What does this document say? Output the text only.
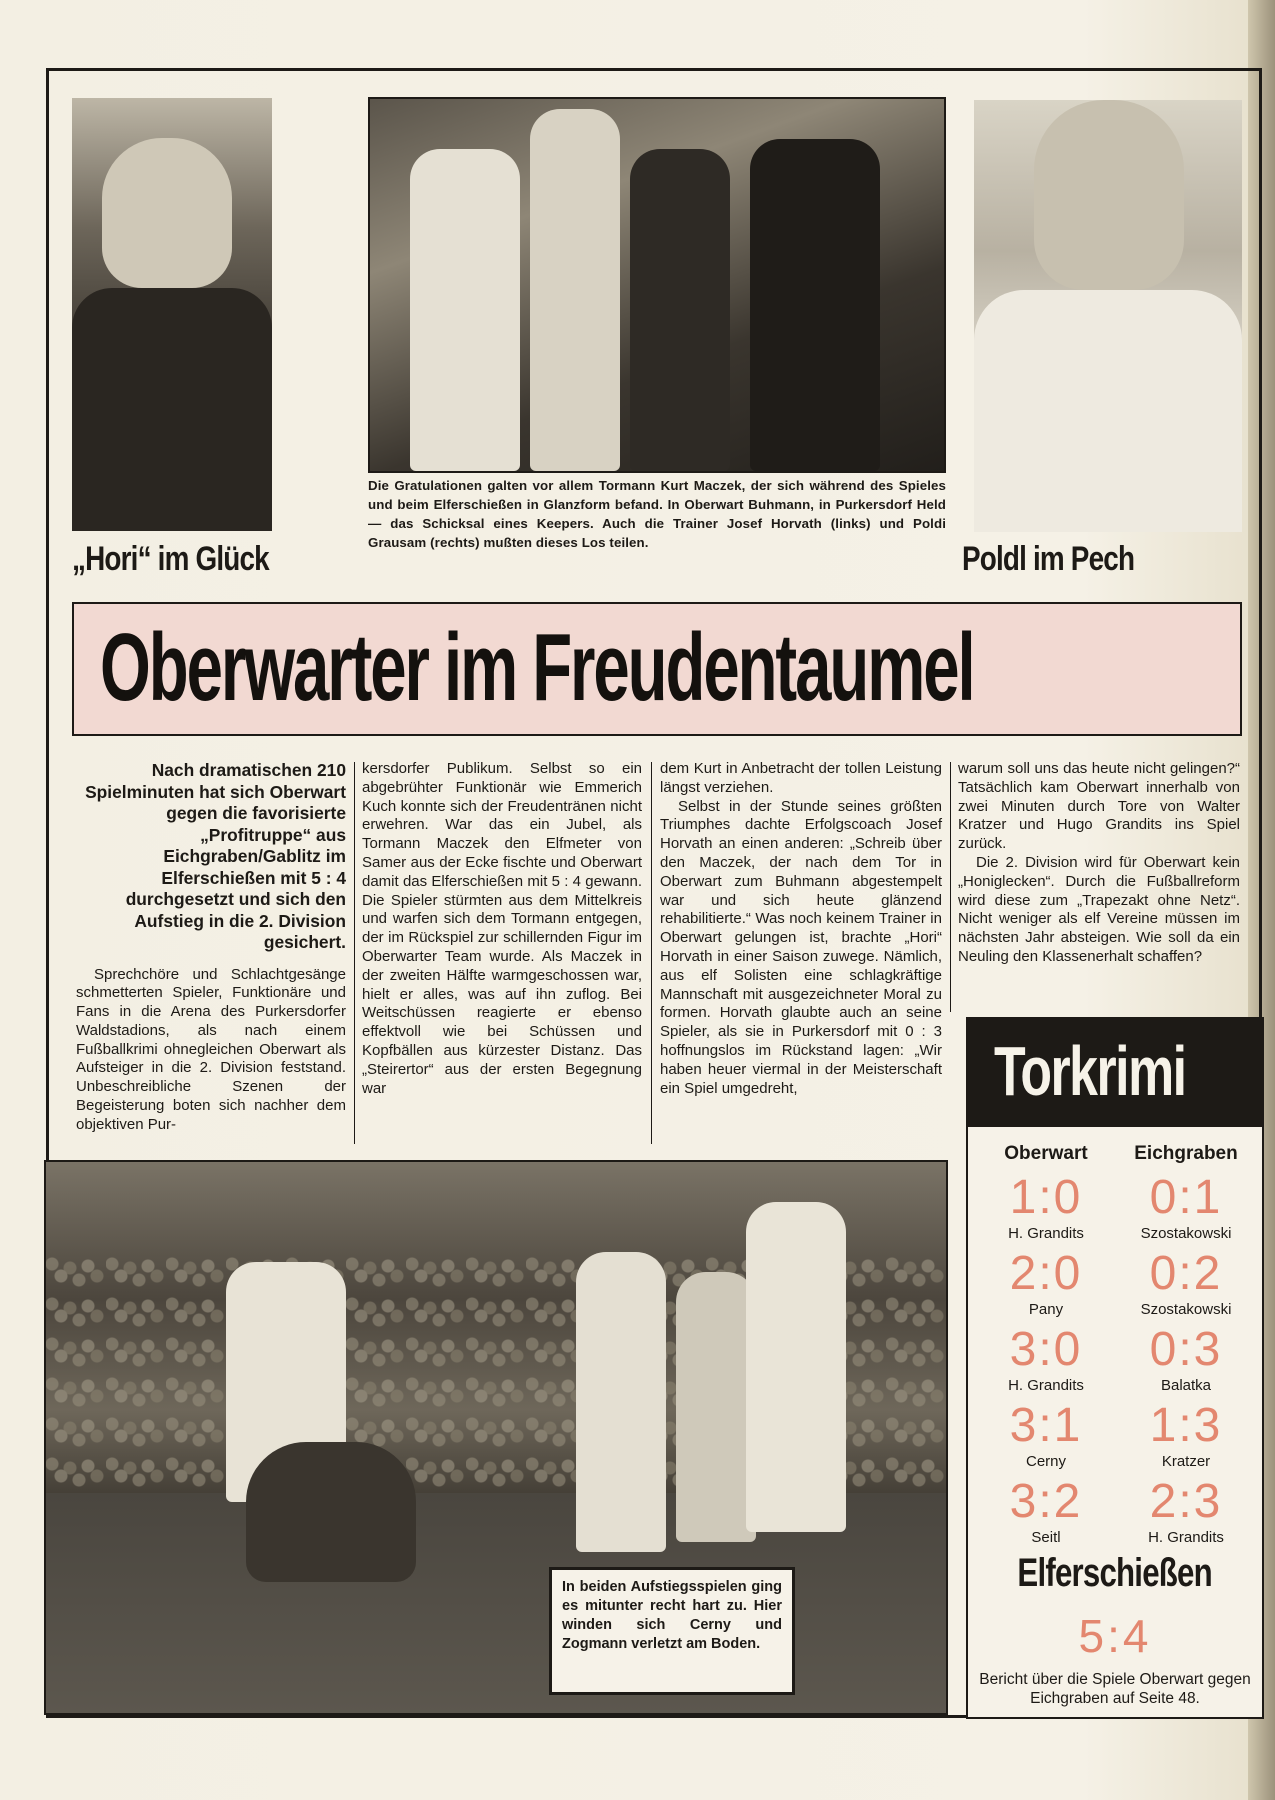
Die Gratulationen galten vor allem Tormann Kurt Maczek, der sich während des Spieles und beim Elferschießen in Glanzform befand. In Oberwart Buhmann, in Purkersdorf Held — das Schicksal eines Keepers. Auch die Trainer Josef Horvath (links) und Poldi Grausam (rechts) mußten dieses Los teilen.
„Hori“ im Glück	Poldl im Pech
Oberwarter im Freudentaumel

Nach dramatischen 210 Spielminuten hat sich Oberwart gegen die favorisierte „Profitruppe“ aus Eichgraben/Gablitz im Elferschießen mit 5 : 4 durchgesetzt und sich den Aufstieg in die 2. Division gesichert.

Sprechchöre und Schlachtgesänge schmetterten Spieler, Funktionäre und Fans in die Arena des Purkersdorfer Waldstadions, als nach einem Fußballkrimi ohnegleichen Oberwart als Aufsteiger in die 2. Division feststand. Unbeschreibliche Szenen der Begeisterung boten sich nachher dem objektiven Pur-

kersdorfer Publikum. Selbst so ein abgebrühter Funktionär wie Emmerich Kuch konnte sich der Freudentränen nicht erwehren. War das ein Jubel, als Tormann Maczek den Elfmeter von Samer aus der Ecke fischte und Oberwart damit das Elferschießen mit 5 : 4 gewann. Die Spieler stürmten aus dem Mittelkreis und warfen sich dem Tormann entgegen, der im Rückspiel zur schillernden Figur im Oberwarter Team wurde. Als Maczek in der zweiten Hälfte warmgeschossen war, hielt er alles, was auf ihn zuflog. Bei Weitschüssen reagierte er ebenso effektvoll wie bei Schüssen und Kopfbällen aus kürzester Distanz. Das „Steirertor“ aus der ersten Begegnung war

dem Kurt in Anbetracht der tollen Leistung längst verziehen.

Selbst in der Stunde seines größten Triumphes dachte Erfolgscoach Josef Horvath an einen anderen: „Schreib über den Maczek, der nach dem Tor in Oberwart zum Buhmann abgestempelt war und sich heute glänzend rehabilitierte.“ Was noch keinem Trainer in Oberwart gelungen ist, brachte „Hori“ Horvath in einer Saison zuwege. Nämlich, aus elf Solisten eine schlagkräftige Mannschaft mit ausgezeichneter Moral zu formen. Horvath glaubte auch an seine Spieler, als sie in Purkersdorf mit 0 : 3 hoffnungslos im Rückstand lagen: „Wir haben heuer viermal in der Meisterschaft ein Spiel umgedreht,

warum soll uns das heute nicht gelingen?“ Tatsächlich kam Oberwart innerhalb von zwei Minuten durch Tore von Walter Kratzer und Hugo Grandits ins Spiel zurück.

Die 2. Division wird für Oberwart kein „Honiglecken“. Durch die Fußballreform wird diese zum „Trapezakt ohne Netz“. Nicht weniger als elf Vereine müssen im nächsten Jahr absteigen. Wie soll da ein Neuling den Klassenerhalt schaffen?

In beiden Aufstiegsspielen ging es mitunter recht hart zu. Hier winden sich Cerny und Zogmann verletzt am Boden.
Torkrimi
Oberwart	Eichgraben
1:0
H. Grandits
0:1
Szostakowski
2:0
Pany
0:2
Szostakowski
3:0
H. Grandits
0:3
Balatka
3:1
Cerny
1:3
Kratzer
3:2
Seitl
2:3
H. Grandits
Elferschießen
5:4
Bericht über die Spiele Oberwart gegen Eichgraben auf Seite 48.
